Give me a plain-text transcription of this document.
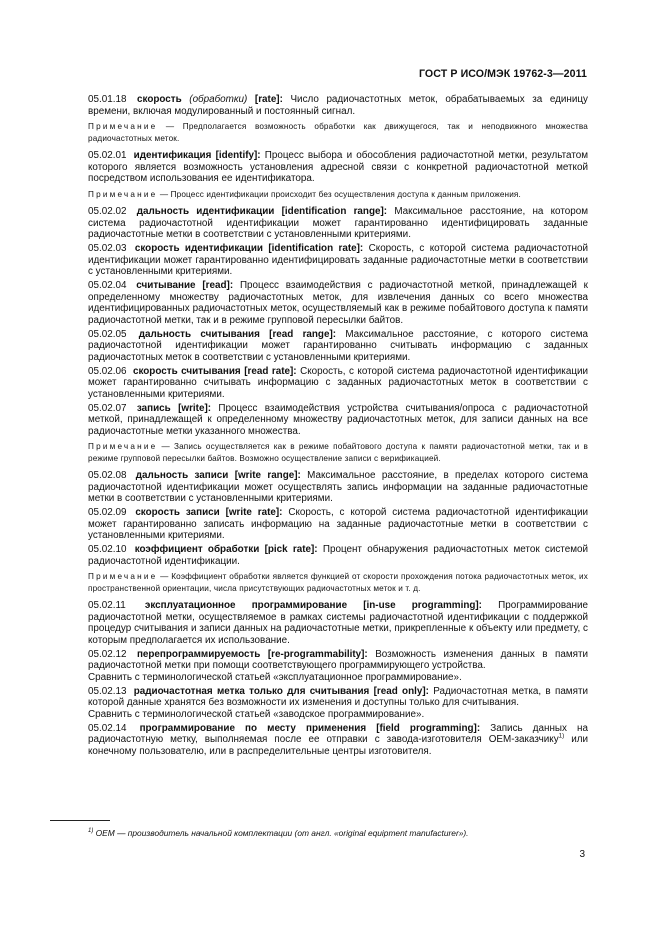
ГОСТ Р ИСО/МЭК 19762-3—2011

05.01.18 скорость (обработки) [rate]: Число радиочастотных меток, обрабатываемых за единицу времени, включая модулированный и постоянный сигнал.

Примечание — Предполагается возможность обработки как движущегося, так и неподвижного множества радиочастотных меток.

05.02.01 идентификация [identify]: Процесс выбора и обособления радиочастотной метки, результатом которого является возможность установления адресной связи с конкретной радиочастотной меткой посредством использования ее идентификатора.

Примечание — Процесс идентификации происходит без осуществления доступа к данным приложения.

05.02.02 дальность идентификации [identification range]: Максимальное расстояние, на котором система радиочастотной идентификации может гарантированно идентифицировать заданные радиочастотные метки в соответствии с установленными критериями.

05.02.03 скорость идентификации [identification rate]: Скорость, с которой система радиочастотной идентификации может гарантированно идентифицировать заданные радиочастотные метки в соответствии с установленными критериями.

05.02.04 считывание [read]: Процесс взаимодействия с радиочастотной меткой, принадлежащей к определенному множеству радиочастотных меток, для извлечения данных со всего множества идентифицированных радиочастотных меток, осуществляемый как в режиме побайтового доступа к памяти радиочастотной метки, так и в режиме групповой пересылки байтов.

05.02.05 дальность считывания [read range]: Максимальное расстояние, с которого система радиочастотной идентификации может гарантированно считывать информацию с заданных радиочастотных меток в соответствии с установленными критериями.

05.02.06 скорость считывания [read rate]: Скорость, с которой система радиочастотной идентификации может гарантированно считывать информацию с заданных радиочастотных меток в соответствии с установленными критериями.

05.02.07 запись [write]: Процесс взаимодействия устройства считывания/опроса с радиочастотной меткой, принадлежащей к определенному множеству радиочастотных меток, для записи данных на все радиочастотные метки указанного множества.

Примечание — Запись осуществляется как в режиме побайтового доступа к памяти радиочастотной метки, так и в режиме групповой пересылки байтов. Возможно осуществление записи с верификацией.

05.02.08 дальность записи [write range]: Максимальное расстояние, в пределах которого система радиочастотной идентификации может осуществлять запись информации на заданные радиочастотные метки в соответствии с установленными критериями.

05.02.09 скорость записи [write rate]: Скорость, с которой система радиочастотной идентификации может гарантированно записать информацию на заданные радиочастотные метки в соответствии с установленными критериями.

05.02.10 коэффициент обработки [pick rate]: Процент обнаружения радиочастотных меток системой радиочастотной идентификации.

Примечание — Коэффициент обработки является функцией от скорости прохождения потока радиочастотных меток, их пространственной ориентации, числа присутствующих радиочастотных меток и т. д.

05.02.11 эксплуатационное программирование [in-use programming]: Программирование радиочастотной метки, осуществляемое в рамках системы радиочастотной идентификации с поддержкой процедур считывания и записи данных на радиочастотные метки, прикрепленные к объекту или предмету, с которым предполагается их использование.

05.02.12 перепрограммируемость [re-programmability]: Возможность изменения данных в памяти радиочастотной метки при помощи соответствующего программирующего устройства.

Сравнить с терминологической статьей «эксплуатационное программирование».

05.02.13 радиочастотная метка только для считывания [read only]: Радиочастотная метка, в памяти которой данные хранятся без возможности их изменения и доступны только для считывания.

Сравнить с терминологической статьей «заводское программирование».

05.02.14 программирование по месту применения [field programming]: Запись данных на радиочастотную метку, выполняемая после ее отправки с завода-изготовителя ОЕМ-заказчику$^{1)}$ или конечному пользователю, или в распределительные центры изготовителя.

$^{1)}$ ОЕМ — производитель начальной комплектации (от англ. «original equipment manufacturer»).
3
